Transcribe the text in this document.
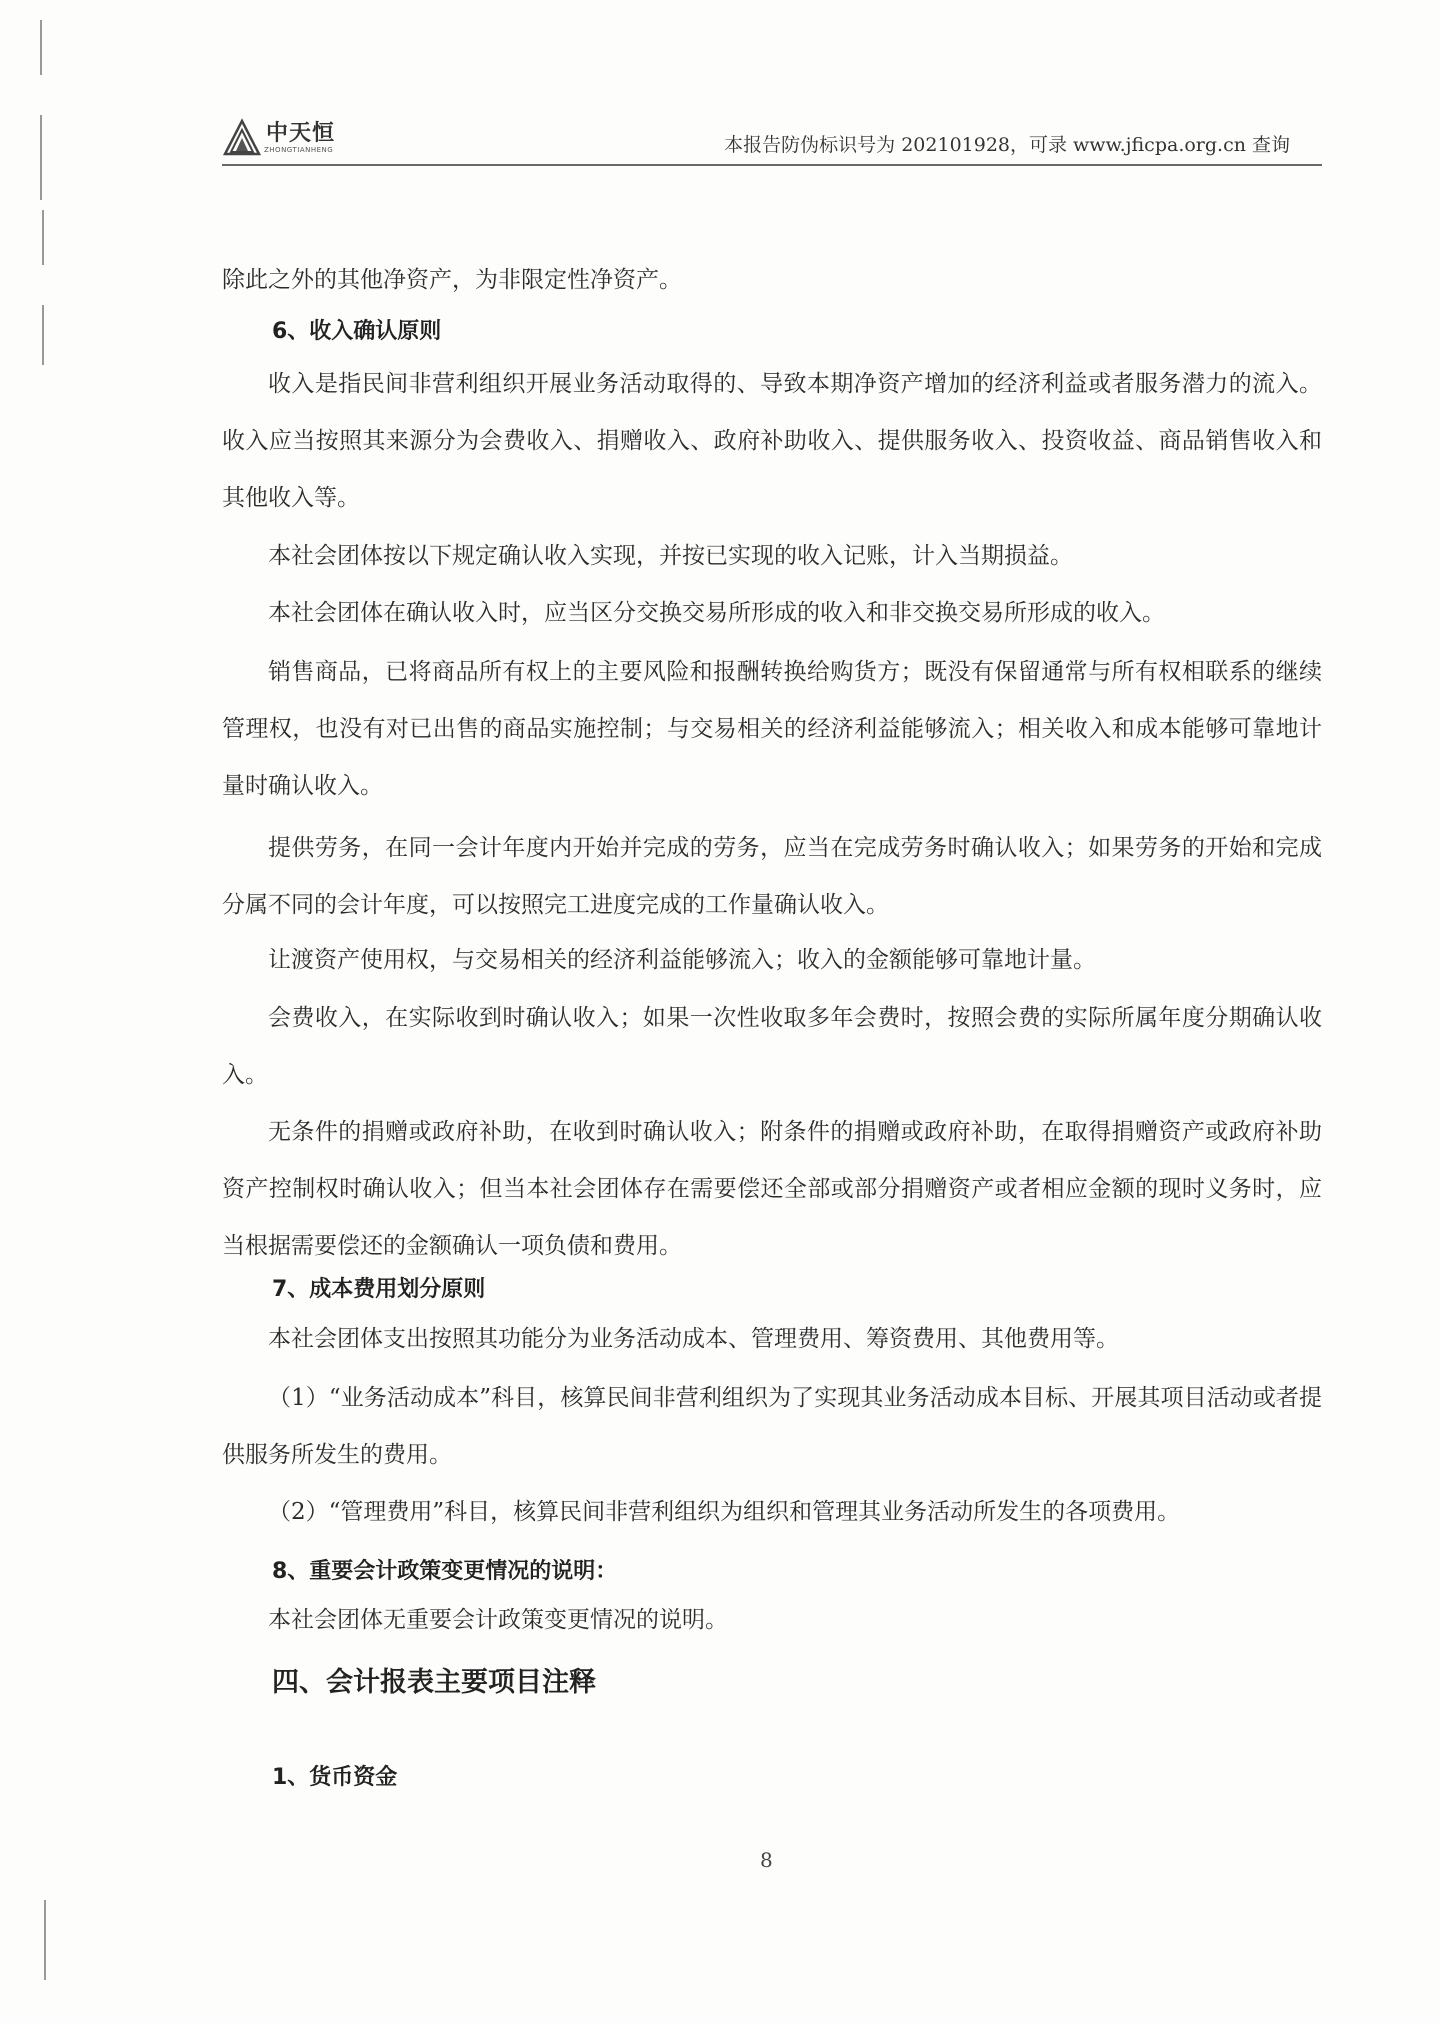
中天恒
ZHONGTIANHENG	本报告防伪标识号为 202101928，可录 www.jficpa.org.cn 查询
除此之外的其他净资产，为非限定性净资产。
6、收入确认原则
收入是指民间非营利组织开展业务活动取得的、导致本期净资产增加的经济利益或者服务潜力的流入。收入应当按照其来源分为会费收入、捐赠收入、政府补助收入、提供服务收入、投资收益、商品销售收入和其他收入等。
本社会团体按以下规定确认收入实现，并按已实现的收入记账，计入当期损益。
本社会团体在确认收入时，应当区分交换交易所形成的收入和非交换交易所形成的收入。
销售商品，已将商品所有权上的主要风险和报酬转换给购货方；既没有保留通常与所有权相联系的继续管理权，也没有对已出售的商品实施控制；与交易相关的经济利益能够流入；相关收入和成本能够可靠地计量时确认收入。
提供劳务，在同一会计年度内开始并完成的劳务，应当在完成劳务时确认收入；如果劳务的开始和完成分属不同的会计年度，可以按照完工进度完成的工作量确认收入。
让渡资产使用权，与交易相关的经济利益能够流入；收入的金额能够可靠地计量。
会费收入，在实际收到时确认收入；如果一次性收取多年会费时，按照会费的实际所属年度分期确认收入。
无条件的捐赠或政府补助，在收到时确认收入；附条件的捐赠或政府补助，在取得捐赠资产或政府补助资产控制权时确认收入；但当本社会团体存在需要偿还全部或部分捐赠资产或者相应金额的现时义务时，应当根据需要偿还的金额确认一项负债和费用。
7、成本费用划分原则
本社会团体支出按照其功能分为业务活动成本、管理费用、筹资费用、其他费用等。
（1）“业务活动成本”科目，核算民间非营利组织为了实现其业务活动成本目标、开展其项目活动或者提供服务所发生的费用。
（2）“管理费用”科目，核算民间非营利组织为组织和管理其业务活动所发生的各项费用。
8、重要会计政策变更情况的说明：
本社会团体无重要会计政策变更情况的说明。
四、会计报表主要项目注释
1、货币资金
8
